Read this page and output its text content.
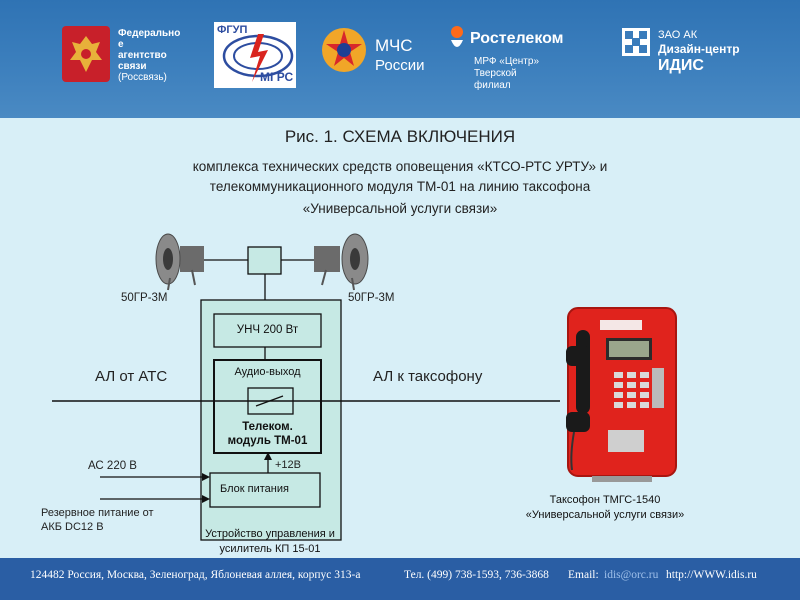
Федерально
е
агентство
связи
(Россвязь)
ФГУП
МГРС
МЧС
России
Ростелеком
МРФ «Центр»
Тверской
филиал
ЗАО АК
Дизайн-центр
ИДИС
Рис. 1. СХЕМА ВКЛЮЧЕНИЯ
комплекса технических средств оповещения «КТСО-РТС УРТУ» и
телекоммуникационного модуля ТМ-01 на линию таксофона
«Универсальной услуги связи»
50ГР-3М	50ГР-3М
АЛ от АТС	АЛ к таксофону
УНЧ 200 Вт
Аудио-выход
Телеком.
модуль ТМ-01
+12В
АС 220 В
Блок питания
Резервное питание от
АКБ DC12 В
Устройство управления и
усилитель КП 15-01
Таксофон ТМГС-1540
«Универсальной услуги связи»
124482 Россия, Москва, Зеленоград, Яблоневая аллея, корпус 313-а	Тел. (499) 738-1593, 736-3868 Email: idis@orc.ru http://WWW.idis.ru
